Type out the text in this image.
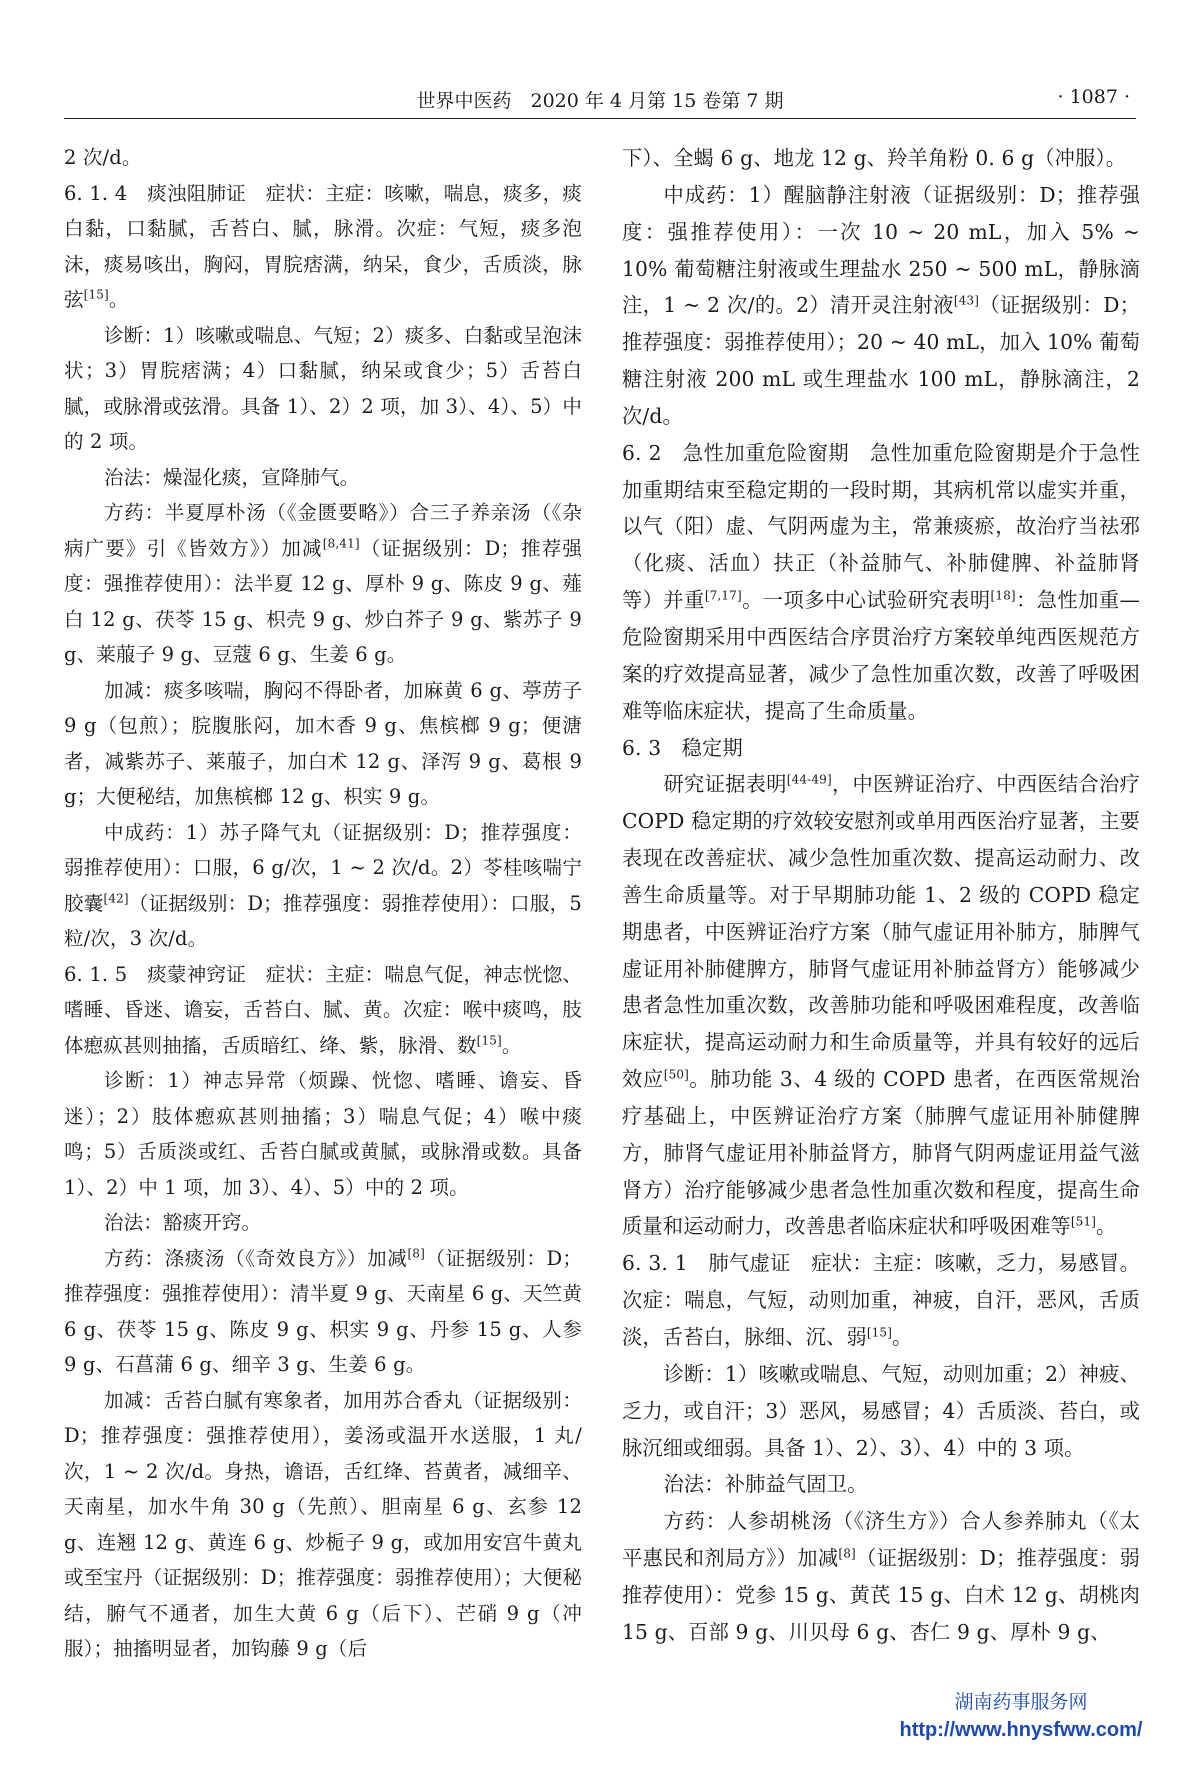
世界中医药　2020 年 4 月第 15 卷第 7 期	· 1087 ·

2 次/d。

6. 1. 4　痰浊阻肺证　症状：主症：咳嗽，喘息，痰多，痰白黏，口黏腻，舌苔白、腻，脉滑。次症：气短，痰多泡沫，痰易咳出，胸闷，胃脘痞满，纳呆，食少，舌质淡，脉弦[15]。

诊断：1）咳嗽或喘息、气短；2）痰多、白黏或呈泡沫状；3）胃脘痞满；4）口黏腻，纳呆或食少；5）舌苔白腻，或脉滑或弦滑。具备 1）、2）2 项，加 3）、4）、5）中的 2 项。

治法：燥湿化痰，宣降肺气。

方药：半夏厚朴汤（《金匮要略》）合三子养亲汤（《杂病广要》引《皆效方》）加减[8,41]（证据级别：D；推荐强度：强推荐使用）：法半夏 12 g、厚朴 9 g、陈皮 9 g、薤白 12 g、茯苓 15 g、枳壳 9 g、炒白芥子 9 g、紫苏子 9 g、莱菔子 9 g、豆蔻 6 g、生姜 6 g。

加减：痰多咳喘，胸闷不得卧者，加麻黄 6 g、葶苈子 9 g（包煎）；脘腹胀闷，加木香 9 g、焦槟榔 9 g；便溏者，减紫苏子、莱菔子，加白术 12 g、泽泻 9 g、葛根 9 g；大便秘结，加焦槟榔 12 g、枳实 9 g。

中成药：1）苏子降气丸（证据级别：D；推荐强度：弱推荐使用）：口服，6 g/次，1 ~ 2 次/d。2）苓桂咳喘宁胶囊[42]（证据级别：D；推荐强度：弱推荐使用）：口服，5 粒/次，3 次/d。

6. 1. 5　痰蒙神窍证　症状：主症：喘息气促，神志恍惚、嗜睡、昏迷、谵妄，舌苔白、腻、黄。次症：喉中痰鸣，肢体瘛疭甚则抽搐，舌质暗红、绛、紫，脉滑、数[15]。

诊断：1）神志异常（烦躁、恍惚、嗜睡、谵妄、昏迷）；2）肢体瘛疭甚则抽搐；3）喘息气促；4）喉中痰鸣；5）舌质淡或红、舌苔白腻或黄腻，或脉滑或数。具备 1）、2）中 1 项，加 3）、4）、5）中的 2 项。

治法：豁痰开窍。

方药：涤痰汤（《奇效良方》）加减[8]（证据级别：D；推荐强度：强推荐使用）：清半夏 9 g、天南星 6 g、天竺黄 6 g、茯苓 15 g、陈皮 9 g、枳实 9 g、丹参 15 g、人参 9 g、石菖蒲 6 g、细辛 3 g、生姜 6 g。

加减：舌苔白腻有寒象者，加用苏合香丸（证据级别：D；推荐强度：强推荐使用），姜汤或温开水送服，1 丸/次，1 ~ 2 次/d。身热，谵语，舌红绛、苔黄者，减细辛、天南星，加水牛角 30 g（先煎）、胆南星 6 g、玄参 12 g、连翘 12 g、黄连 6 g、炒栀子 9 g，或加用安宫牛黄丸或至宝丹（证据级别：D；推荐强度：弱推荐使用）；大便秘结，腑气不通者，加生大黄 6 g（后下）、芒硝 9 g（冲服）；抽搐明显者，加钩藤 9 g（后

下）、全蝎 6 g、地龙 12 g、羚羊角粉 0. 6 g（冲服）。

中成药：1）醒脑静注射液（证据级别：D；推荐强度：强推荐使用）：一次 10 ~ 20 mL，加入 5% ~ 10% 葡萄糖注射液或生理盐水 250 ~ 500 mL，静脉滴注，1 ~ 2 次/的。2）清开灵注射液[43]（证据级别：D；推荐强度：弱推荐使用）；20 ~ 40 mL，加入 10% 葡萄糖注射液 200 mL 或生理盐水 100 mL，静脉滴注，2 次/d。

6. 2　急性加重危险窗期　急性加重危险窗期是介于急性加重期结束至稳定期的一段时期，其病机常以虚实并重，以气（阳）虚、气阴两虚为主，常兼痰瘀，故治疗当祛邪（化痰、活血）扶正（补益肺气、补肺健脾、补益肺肾等）并重[7,17]。一项多中心试验研究表明[18]：急性加重—危险窗期采用中西医结合序贯治疗方案较单纯西医规范方案的疗效提高显著，减少了急性加重次数，改善了呼吸困难等临床症状，提高了生命质量。

6. 3　稳定期

研究证据表明[44-49]，中医辨证治疗、中西医结合治疗 COPD 稳定期的疗效较安慰剂或单用西医治疗显著，主要表现在改善症状、减少急性加重次数、提高运动耐力、改善生命质量等。对于早期肺功能 1、2 级的 COPD 稳定期患者，中医辨证治疗方案（肺气虚证用补肺方，肺脾气虚证用补肺健脾方，肺肾气虚证用补肺益肾方）能够减少患者急性加重次数，改善肺功能和呼吸困难程度，改善临床症状，提高运动耐力和生命质量等，并具有较好的远后效应[50]。肺功能 3、4 级的 COPD 患者，在西医常规治疗基础上，中医辨证治疗方案（肺脾气虚证用补肺健脾方，肺肾气虚证用补肺益肾方，肺肾气阴两虚证用益气滋肾方）治疗能够减少患者急性加重次数和程度，提高生命质量和运动耐力，改善患者临床症状和呼吸困难等[51]。

6. 3. 1　肺气虚证　症状：主症：咳嗽，乏力，易感冒。次症：喘息，气短，动则加重，神疲，自汗，恶风，舌质淡，舌苔白，脉细、沉、弱[15]。

诊断：1）咳嗽或喘息、气短，动则加重；2）神疲、乏力，或自汗；3）恶风，易感冒；4）舌质淡、苔白，或脉沉细或细弱。具备 1）、2）、3）、4）中的 3 项。

治法：补肺益气固卫。

方药：人参胡桃汤（《济生方》）合人参养肺丸（《太平惠民和剂局方》）加减[8]（证据级别：D；推荐强度：弱推荐使用）：党参 15 g、黄芪 15 g、白术 12 g、胡桃肉 15 g、百部 9 g、川贝母 6 g、杏仁 9 g、厚朴 9 g、

湖南药事服务网
http://www.hnysfww.com/
